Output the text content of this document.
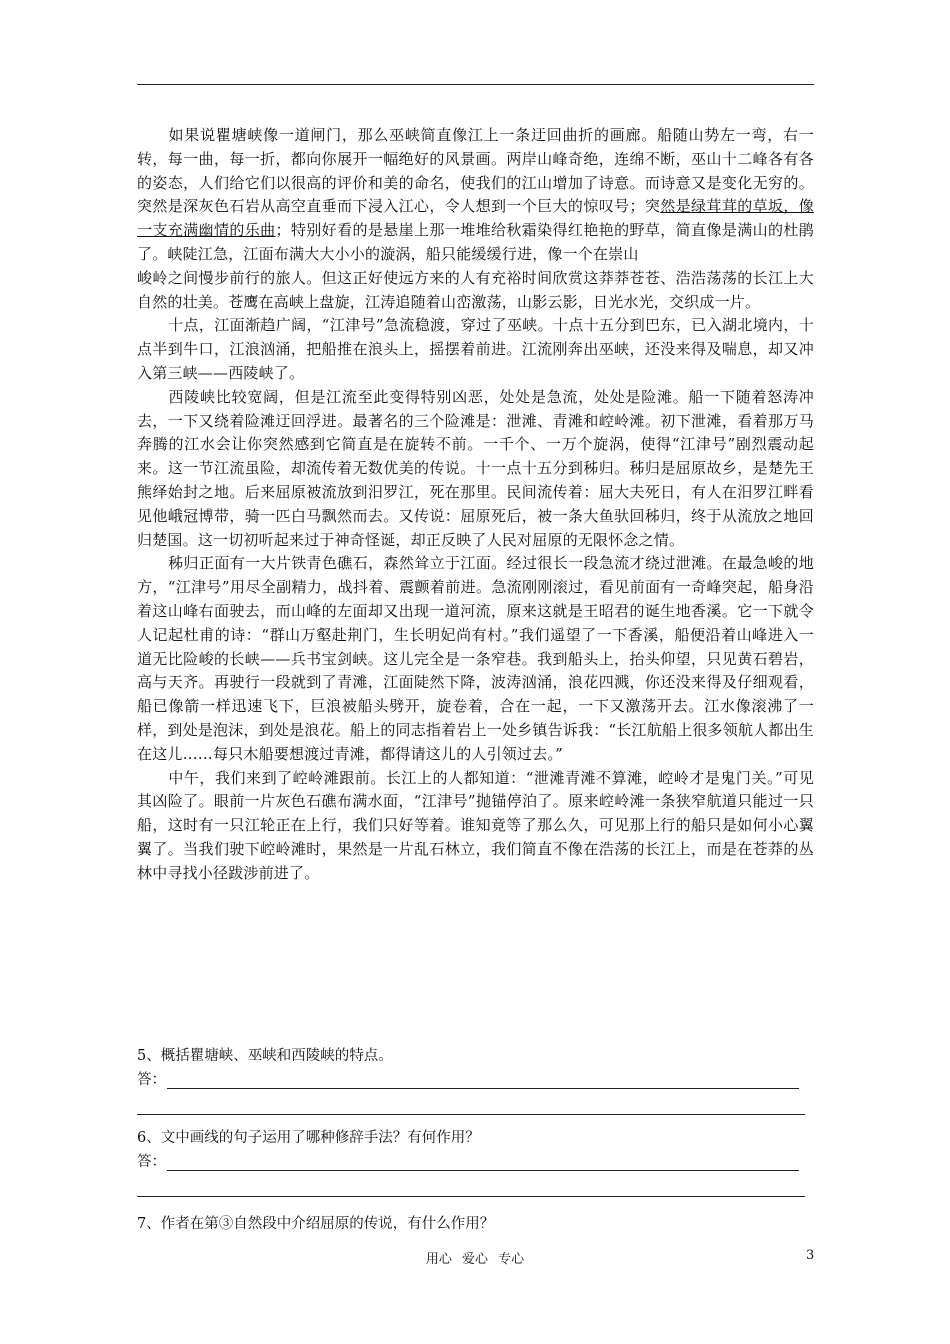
如果说瞿塘峡像一道闸门，那么巫峡简直像江上一条迂回曲折的画廊。船随山势左一弯，右一转，每一曲，每一折，都向你展开一幅绝好的风景画。两岸山峰奇绝，连绵不断，巫山十二峰各有各的姿态，人们给它们以很高的评价和美的命名，使我们的江山增加了诗意。而诗意又是变化无穷的。突然是深灰色石岩从高空直垂而下浸入江心，令人想到一个巨大的惊叹号；突然是绿茸茸的草坂，像一支充满幽情的乐曲；特别好看的是悬崖上那一堆堆给秋霜染得红艳艳的野草，简直像是满山的杜鹃了。峡陡江急，江面布满大大小小的漩涡，船只能缓缓行进，像一个在崇山

峻岭之间慢步前行的旅人。但这正好使远方来的人有充裕时间欣赏这莽莽苍苍、浩浩荡荡的长江上大自然的壮美。苍鹰在高峡上盘旋，江涛追随着山峦激荡，山影云影，日光水光，交织成一片。

十点，江面渐趋广阔，“江津号”急流稳渡，穿过了巫峡。十点十五分到巴东，已入湖北境内，十点半到牛口，江浪汹涌，把船推在浪头上，摇摆着前进。江流刚奔出巫峡，还没来得及喘息，却又冲入第三峡——西陵峡了。

西陵峡比较宽阔，但是江流至此变得特别凶恶，处处是急流，处处是险滩。船一下随着怒涛冲去，一下又绕着险滩迂回浮进。最著名的三个险滩是：泄滩、青滩和崆岭滩。初下泄滩，看着那万马奔腾的江水会让你突然感到它简直是在旋转不前。一千个、一万个旋涡，使得“江津号”剧烈震动起来。这一节江流虽险，却流传着无数优美的传说。十一点十五分到秭归。秭归是屈原故乡，是楚先王熊绎始封之地。后来屈原被流放到汨罗江，死在那里。民间流传着：屈大夫死日，有人在汨罗江畔看见他峨冠博带，骑一匹白马飘然而去。又传说：屈原死后，被一条大鱼驮回秭归，终于从流放之地回归楚国。这一切初听起来过于神奇怪诞，却正反映了人民对屈原的无限怀念之情。

秭归正面有一大片铁青色礁石，森然耸立于江面。经过很长一段急流才绕过泄滩。在最急峻的地方，“江津号”用尽全副精力，战抖着、震颤着前进。急流刚刚滚过，看见前面有一奇峰突起，船身沿着这山峰右面驶去，而山峰的左面却又出现一道河流，原来这就是王昭君的诞生地香溪。它一下就令人记起杜甫的诗：“群山万壑赴荆门，生长明妃尚有村。”我们遥望了一下香溪，船便沿着山峰进入一道无比险峻的长峡——兵书宝剑峡。这儿完全是一条窄巷。我到船头上，抬头仰望，只见黄石碧岩，高与天齐。再驶行一段就到了青滩，江面陡然下降，波涛汹涌，浪花四溅，你还没来得及仔细观看，船已像箭一样迅速飞下，巨浪被船头劈开，旋卷着，合在一起，一下又激荡开去。江水像滚沸了一样，到处是泡沫，到处是浪花。船上的同志指着岩上一处乡镇告诉我：“长江航船上很多领航人都出生在这儿……每只木船要想渡过青滩，都得请这儿的人引领过去。”

中午，我们来到了崆岭滩跟前。长江上的人都知道：“泄滩青滩不算滩，崆岭才是鬼门关。”可见其凶险了。眼前一片灰色石礁布满水面，“江津号”抛锚停泊了。原来崆岭滩一条狭窄航道只能过一只船，这时有一只江轮正在上行，我们只好等着。谁知竟等了那么久，可见那上行的船只是如何小心翼翼了。当我们驶下崆岭滩时，果然是一片乱石林立，我们简直不像在浩荡的长江上，而是在苍莽的丛林中寻找小径跋涉前进了。

5、概括瞿塘峡、巫峡和西陵峡的特点。
答：
6、文中画线的句子运用了哪种修辞手法？有何作用？
答：
7、作者在第③自然段中介绍屈原的传说，有什么作用？
用心 爱心 专心	3
